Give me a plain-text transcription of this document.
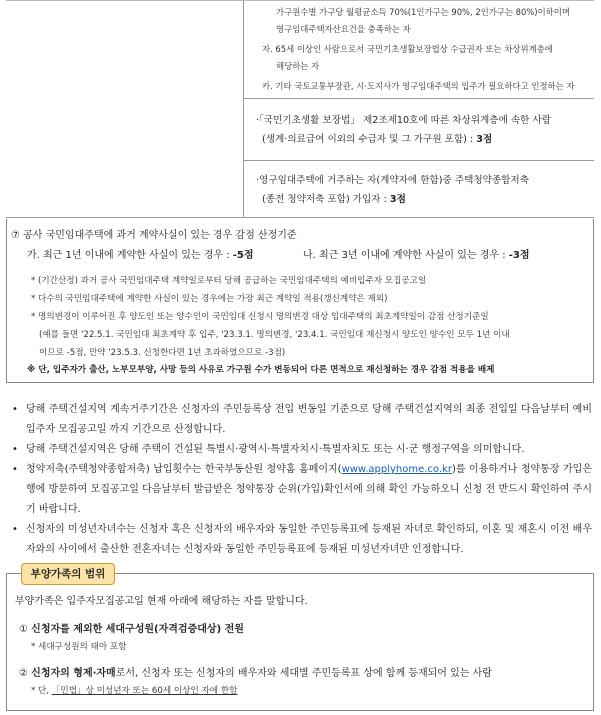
가구원수별 가구당 월평균소득 70%(1인가구는 90%, 2인가구는 80%)이하이며
영구임대주택자산요건을 충족하는 자
자. 65세 이상인 사람으로서 국민기초생활보장법상 수급권자 또는 차상위계층에
해당하는 자
카. 기타 국토교통부장관, 시·도지사가 영구임대주택의 입주가 필요하다고 인정하는 자
·「국민기초생활 보장법」 제2조제10호에 따른 차상위계층에 속한 사람
(생계·의료급여 이외의 수급자 및 그 가구원 포함) : 3점
·영구임대주택에 거주하는 자(계약자에 한함)중 주택청약종합저축
(종전 청약저축 포함) 가입자 : 3점
⑦ 공사 국민임대주택에 과거 계약사실이 있는 경우 감점 산정기준
가. 최근 1년 이내에 계약한 사실이 있는 경우 : -5점	나. 최근 3년 이내에 계약한 사실이 있는 경우 : -3점
* (기간산정) 과거 공사 국민임대주택 계약일로부터 당해 공급하는 국민임대주택의 예비입주자 모집공고일
* 다수의 국민임대주택에 계약한 사실이 있는 경우에는 가장 최근 계약일 적용(갱신계약은 제외)
* 명의변경이 이루어진 후 양도인 또는 양수인이 국민임대 신청시 명의변경 대상 임대주택의 최초계약일이 감점 산정기준일
(예를 들면 '22.5.1. 국민임대 최초계약 후 입주, '23.3.1. 명의변경, '23.4.1. 국민임대 재신청시 양도인 양수인 모두 1년 이내
이므로 -5점, 만약 '23.5.3. 신청한다면 1년 초과하였으므로 -3점)
※ 단, 입주자가 출산, 노부모부양, 사망 등의 사유로 가구원 수가 변동되어 다른 면적으로 재신청하는 경우 감점 적용을 배제
• 당해 주택건설지역 계속거주기간은 신청자의 주민등록상 전입 변동일 기준으로 당해 주택건설지역의 최종 전입일 다음날부터 예비입주자 모집공고일 까지 기간으로 산정합니다.
• 당해 주택건설지역은 당해 주택이 건설된 특별시·광역시·특별자치시·특별자치도 또는 시·군 행정구역을 의미합니다.
• 청약저축(주택청약종합저축) 납입횟수는 한국부동산원 청약홈 홈페이지(www.applyhome.co.kr)를 이용하거나 청약통장 가입은행에 방문하여 모집공고일 다음날부터 발급받은 청약통장 순위(가입)확인서에 의해 확인 가능하오니 신청 전 반드시 확인하여 주시기 바랍니다.
• 신청자의 미성년자녀수는 신청자 혹은 신청자의 배우자와 동일한 주민등록표에 등재된 자녀로 확인하되, 이혼 및 재혼시 이전 배우자와의 사이에서 출산한 전혼자녀는 신청자와 동일한 주민등록표에 등재된 미성년자녀만 인정합니다.
부양가족의 범위
부양가족은 입주자모집공고일 현재 아래에 해당하는 자를 말합니다.
① 신청자를 제외한 세대구성원(자격검증대상) 전원
* 세대구성원의 태아 포함
② 신청자의 형제·자매로서, 신청자 또는 신청자의 배우자와 세대별 주민등록표 상에 함께 등재되어 있는 사람
* 단, 「민법」상 미성년자 또는 60세 이상인 자에 한함
